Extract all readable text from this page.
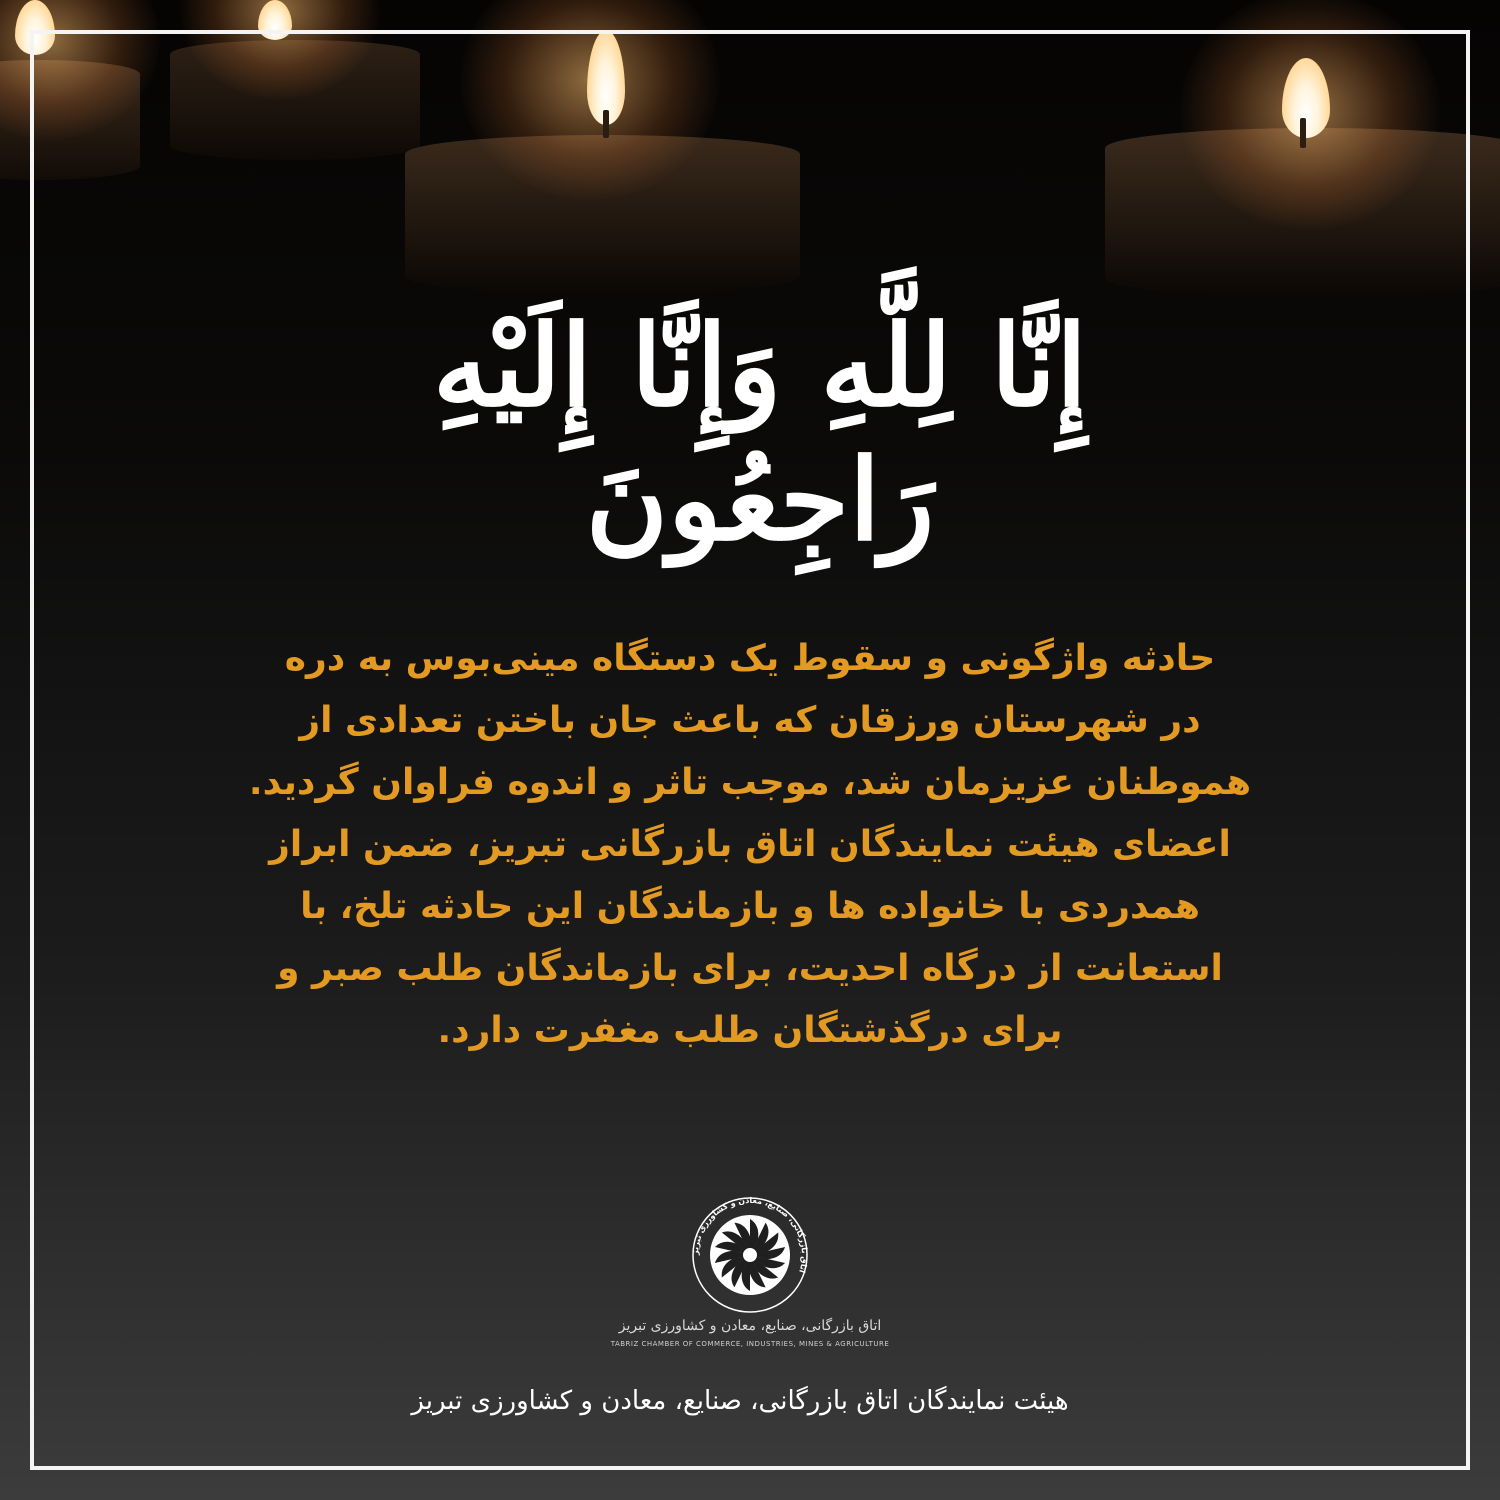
إِنَّا لِلَّهِ وَإِنَّا إِلَيْهِ رَاجِعُونَ
حادثه واژگونی و سقوط یک دستگاه مینی‌بوس به دره
در شهرستان ورزقان که باعث جان باختن تعدادی از
هموطنان عزیزمان شد، موجب تاثر و اندوه فراوان گردید.
اعضای هیئت نمایندگان اتاق بازرگانی تبریز، ضمن ابراز
همدردی با خانواده ها و بازماندگان این حادثه تلخ، با
استعانت از درگاه احدیت، برای بازماندگان طلب صبر و
برای درگذشتگان طلب مغفرت دارد.
اتاق بازرگانی، صنایع، معادن و کشاورزی تبریز
اتاق بازرگانی، صنایع، معادن و کشاورزی تبریز
TABRIZ CHAMBER OF COMMERCE, INDUSTRIES, MINES & AGRICULTURE
هیئت نمایندگان اتاق بازرگانی، صنایع، معادن و کشاورزی تبریز
